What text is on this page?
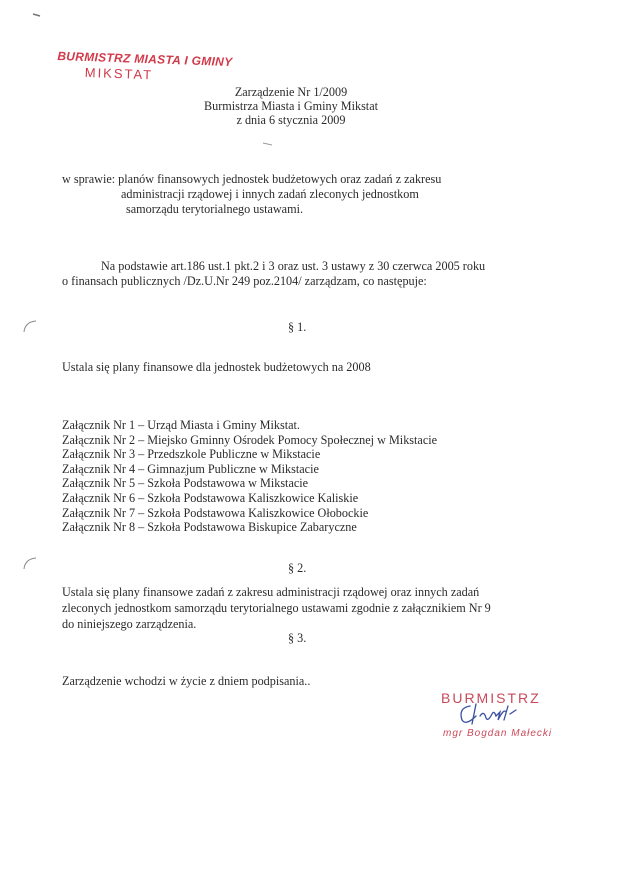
BURMISTRZ MIASTA I GMINY
MIKSTAT
Zarządzenie Nr 1/2009
Burmistrza Miasta i Gminy Mikstat
z dnia 6 stycznia 2009
w sprawie: planów finansowych jednostek budżetowych oraz zadań z zakresu
administracji rządowej i innych zadań zleconych jednostkom
samorządu terytorialnego ustawami.
Na podstawie art.186 ust.1 pkt.2 i 3 oraz ust. 3 ustawy z 30 czerwca 2005 roku
o finansach publicznych /Dz.U.Nr 249 poz.2104/ zarządzam, co następuje:
§ 1.
Ustala się plany finansowe dla jednostek budżetowych na 2008
Załącznik Nr 1 – Urząd Miasta i Gminy Mikstat.
Załącznik Nr 2 – Miejsko Gminny Ośrodek Pomocy Społecznej w Mikstacie
Załącznik Nr 3 – Przedszkole Publiczne w Mikstacie
Załącznik Nr 4 – Gimnazjum Publiczne w Mikstacie
Załącznik Nr 5 – Szkoła Podstawowa w Mikstacie
Załącznik Nr 6 – Szkoła Podstawowa Kaliszkowice Kaliskie
Załącznik Nr 7 – Szkoła Podstawowa Kaliszkowice Ołobockie
Załącznik Nr 8 – Szkoła Podstawowa Biskupice Zabaryczne
§ 2.
Ustala się plany finansowe zadań z zakresu administracji rządowej oraz innych zadań
zleconych jednostkom samorządu terytorialnego ustawami zgodnie z załącznikiem Nr 9
do niniejszego zarządzenia.
§ 3.
Zarządzenie wchodzi w życie z dniem podpisania..
BURMISTRZ
mgr Bogdan Małecki
